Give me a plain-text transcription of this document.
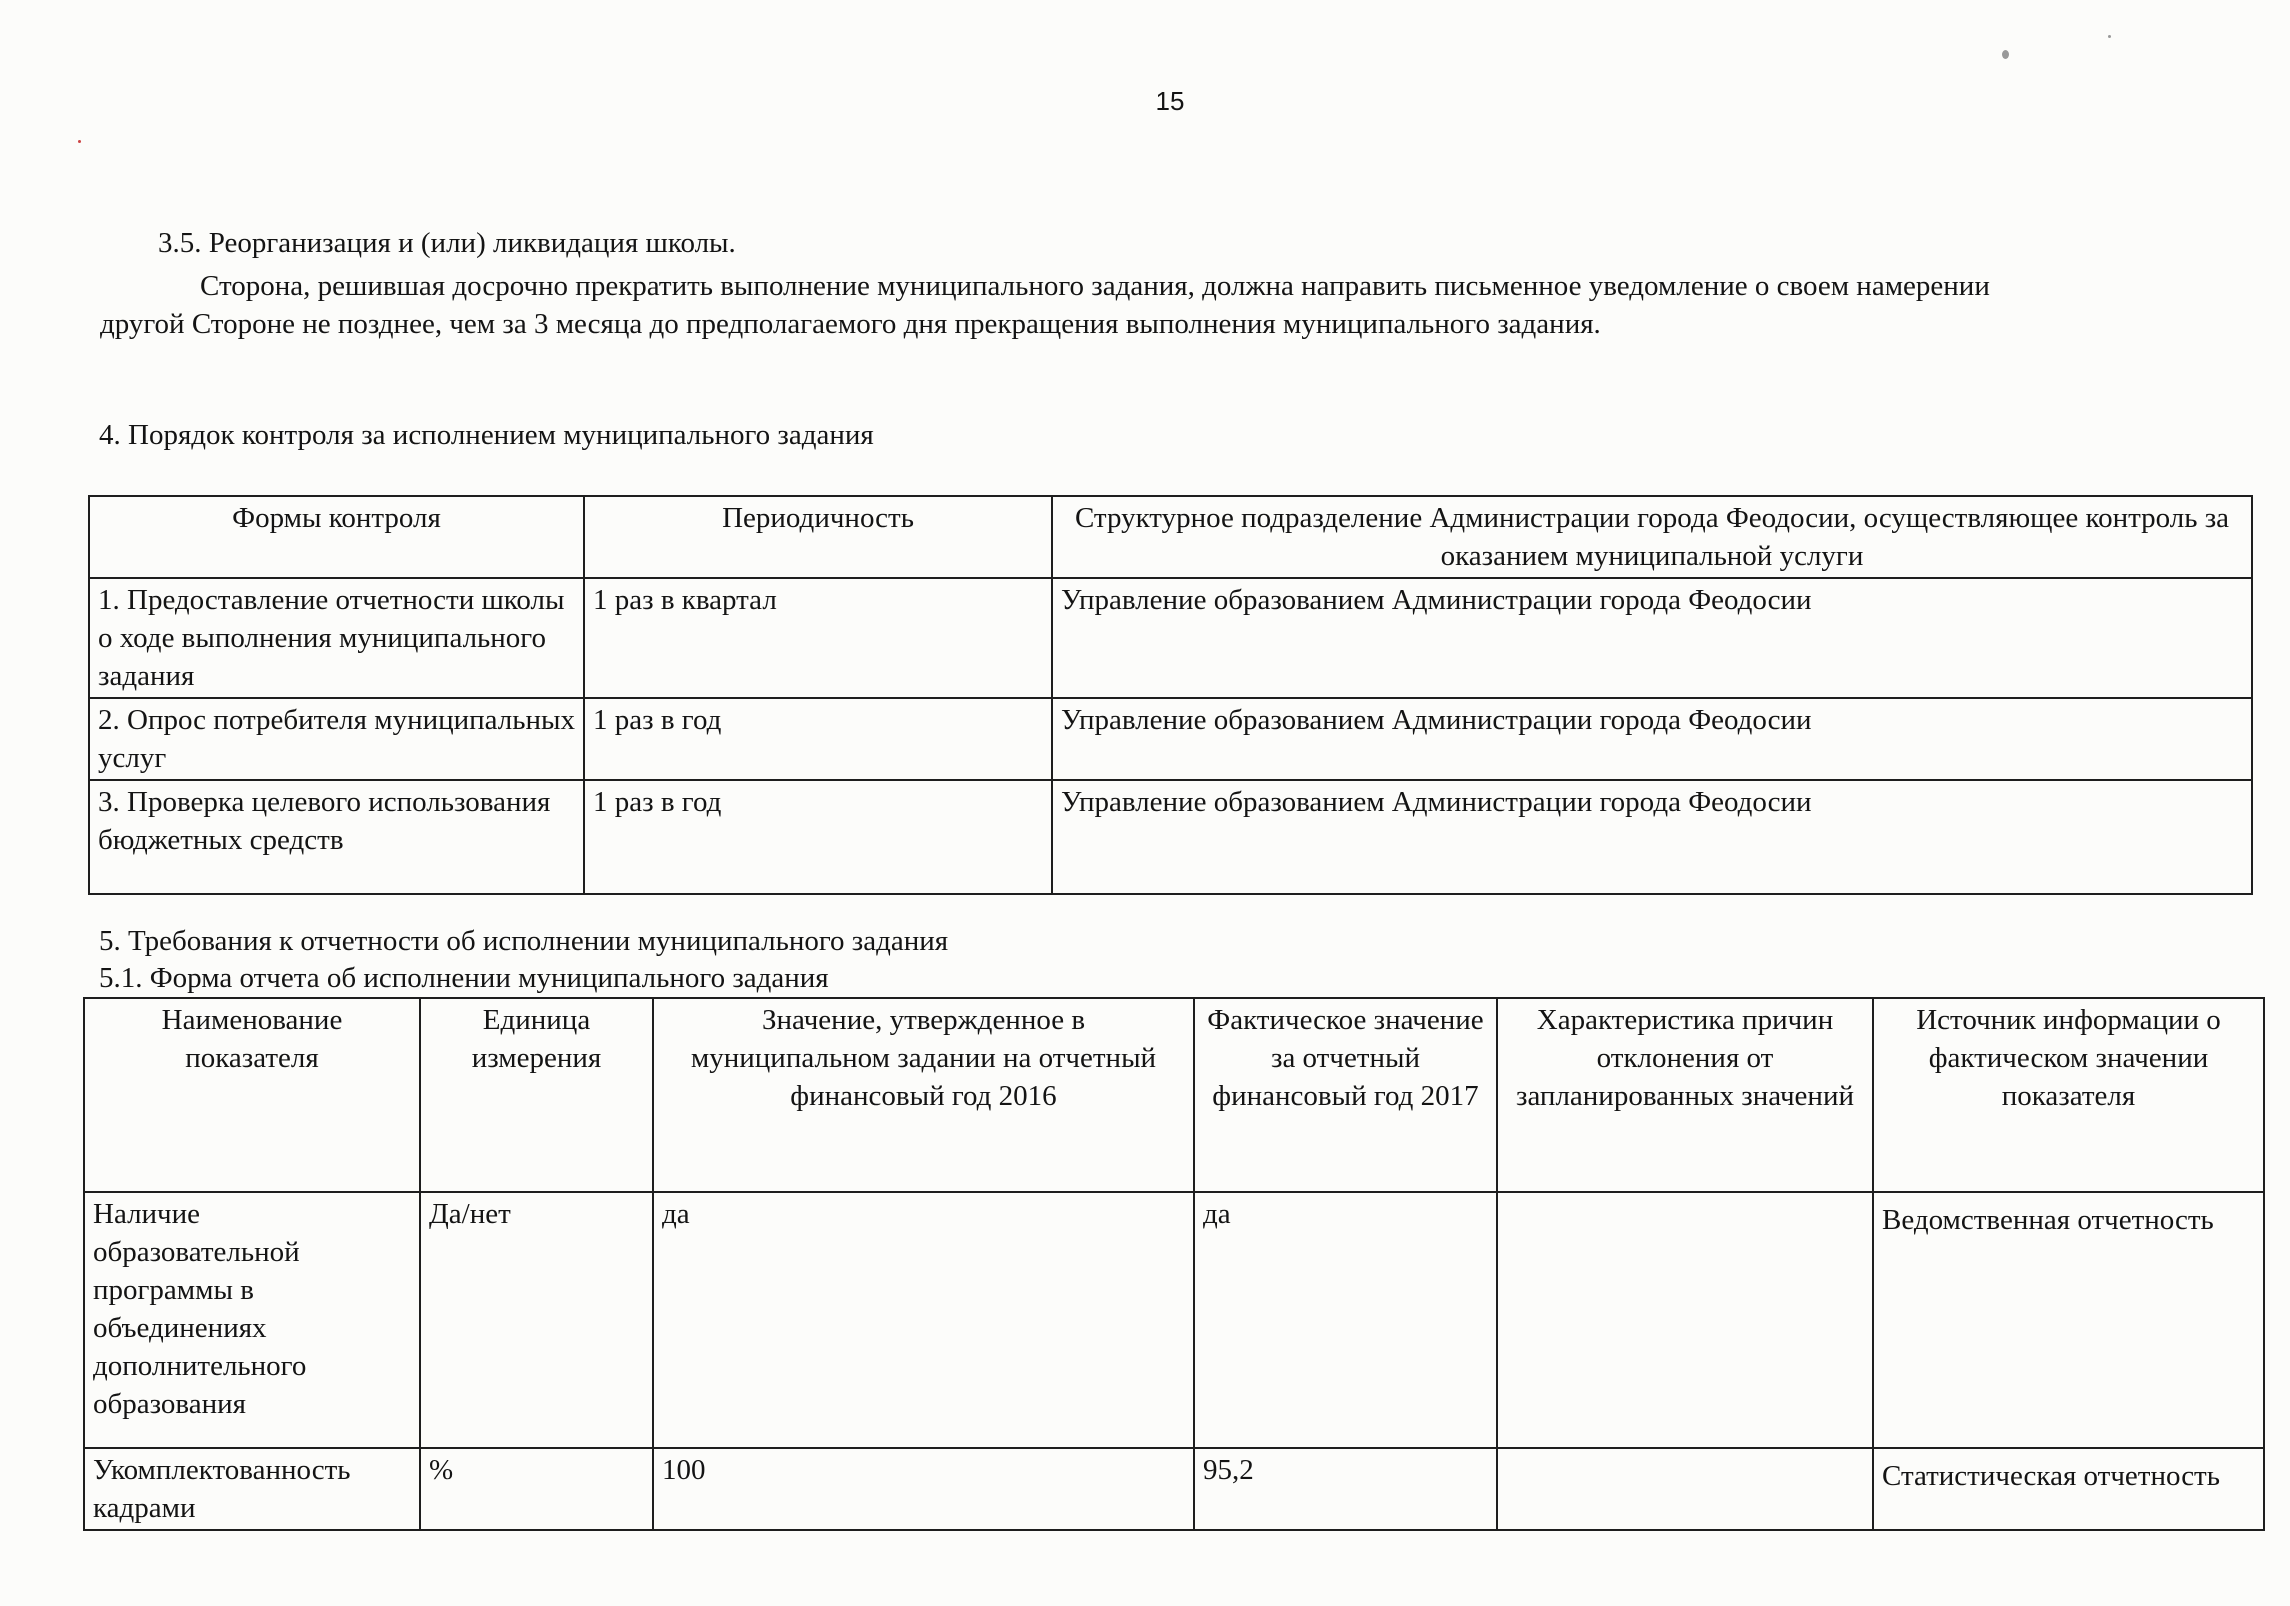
15

3.5. Реорганизация и (или) ликвидация школы.

Сторона, решившая досрочно прекратить выполнение муниципального задания, должна направить письменное уведомление о своем намерении

другой Стороне не позднее, чем за 3 месяца до предполагаемого дня прекращения выполнения муниципального задания.

4. Порядок контроля за исполнением муниципального задания

Формы контроля	Периодичность	Структурное подразделение Администрации города Феодосии, осуществляющее контроль за оказанием муниципальной услуги
1. Предоставление отчетности школы о ходе выполнения муниципального задания	1 раз в квартал	Управление образованием Администрации города Феодосии
2. Опрос потребителя муниципальных услуг	1 раз в год	Управление образованием Администрации города Феодосии
3. Проверка целевого использования бюджетных средств	1 раз в год	Управление образованием Администрации города Феодосии

5. Требования к отчетности об исполнении муниципального задания

5.1. Форма отчета об исполнении муниципального задания

Наименование показателя	Единица измерения	Значение, утвержденное в муниципальном задании на отчетный финансовый год 2016	Фактическое значение за отчетный финансовый год 2017	Характеристика причин отклонения от запланированных значений	Источник информации о фактическом значении показателя
Наличие образовательной программы в объединениях дополнительного образования	Да/нет	да	да		Ведомственная отчетность
Укомплектованность кадрами	%	100	95,2		Статистическая отчетность
